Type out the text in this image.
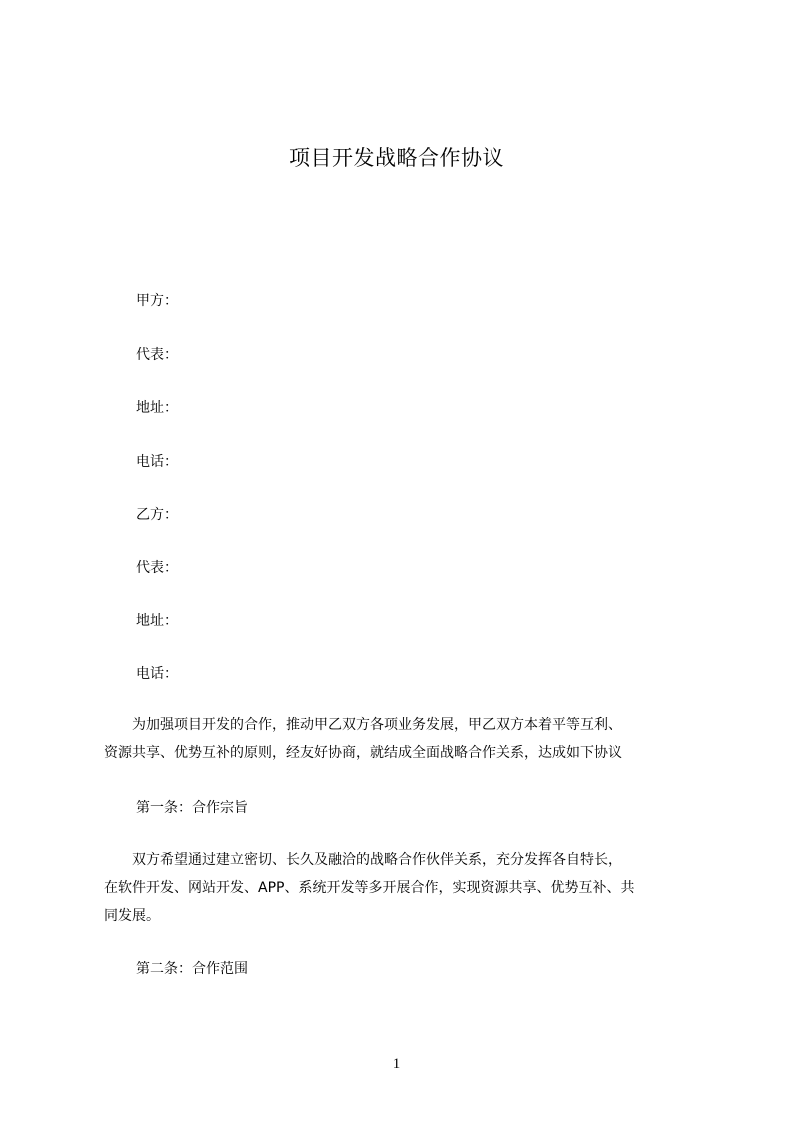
项目开发战略合作协议
甲方：
代表：
地址：
电话：
乙方：
代表：
地址：
电话：
　　为加强项目开发的合作，推动甲乙双方各项业务发展，甲乙双方本着平等互利、
资源共享、优势互补的原则，经友好协商，就结成全面战略合作关系，达成如下协议
第一条：合作宗旨
　　双方希望通过建立密切、长久及融洽的战略合作伙伴关系，充分发挥各自特长，
在软件开发、网站开发、APP、系统开发等多开展合作，实现资源共享、优势互补、共
同发展。
第二条：合作范围
1
